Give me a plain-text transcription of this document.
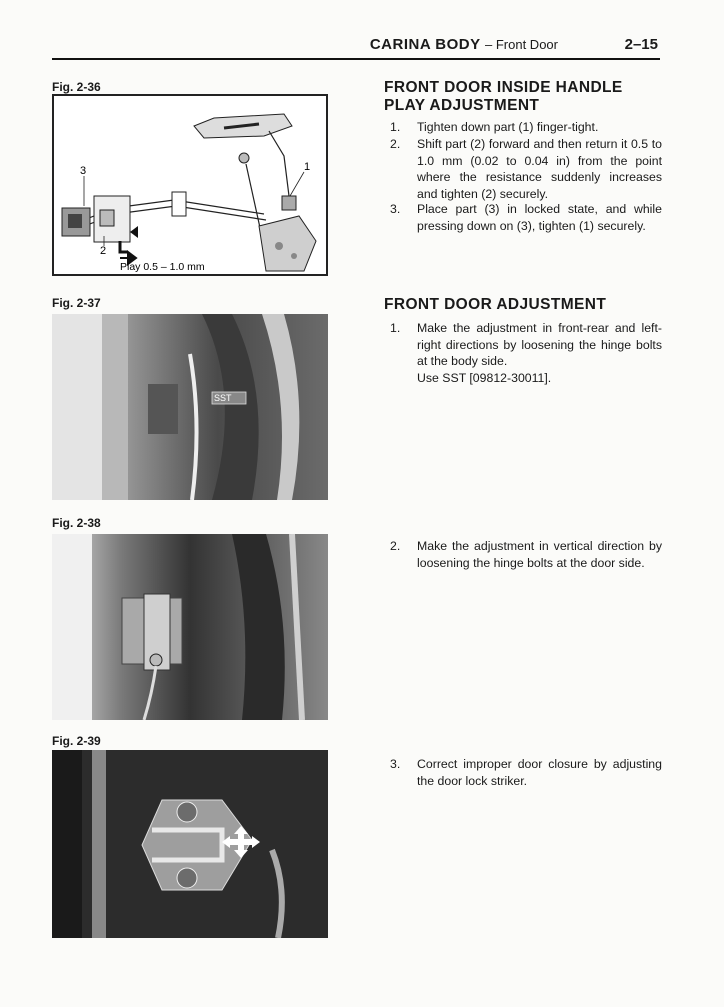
CARINA BODY – Front Door	2–15
Fig. 2-36
3	1
2
Play 0.5 – 1.0 mm
Fig. 2-37
SST
Fig. 2-38
Fig. 2-39
FRONT DOOR INSIDE HANDLE
PLAY ADJUSTMENT
1. Tighten down part (1) finger-tight.
2. Shift part (2) forward and then return it 0.5 to 1.0 mm (0.02 to 0.04 in) from the point where the resistance suddenly increases and tighten (2) securely.
3. Place part (3) in locked state, and while pressing down on (3), tighten (1) securely.
FRONT DOOR ADJUSTMENT
1. Make the adjustment in front-rear and left-right directions by loosening the hinge bolts at the body side.
Use SST [09812-30011].
2. Make the adjustment in vertical direction by loosening the hinge bolts at the door side.
3. Correct improper door closure by adjusting the door lock striker.
